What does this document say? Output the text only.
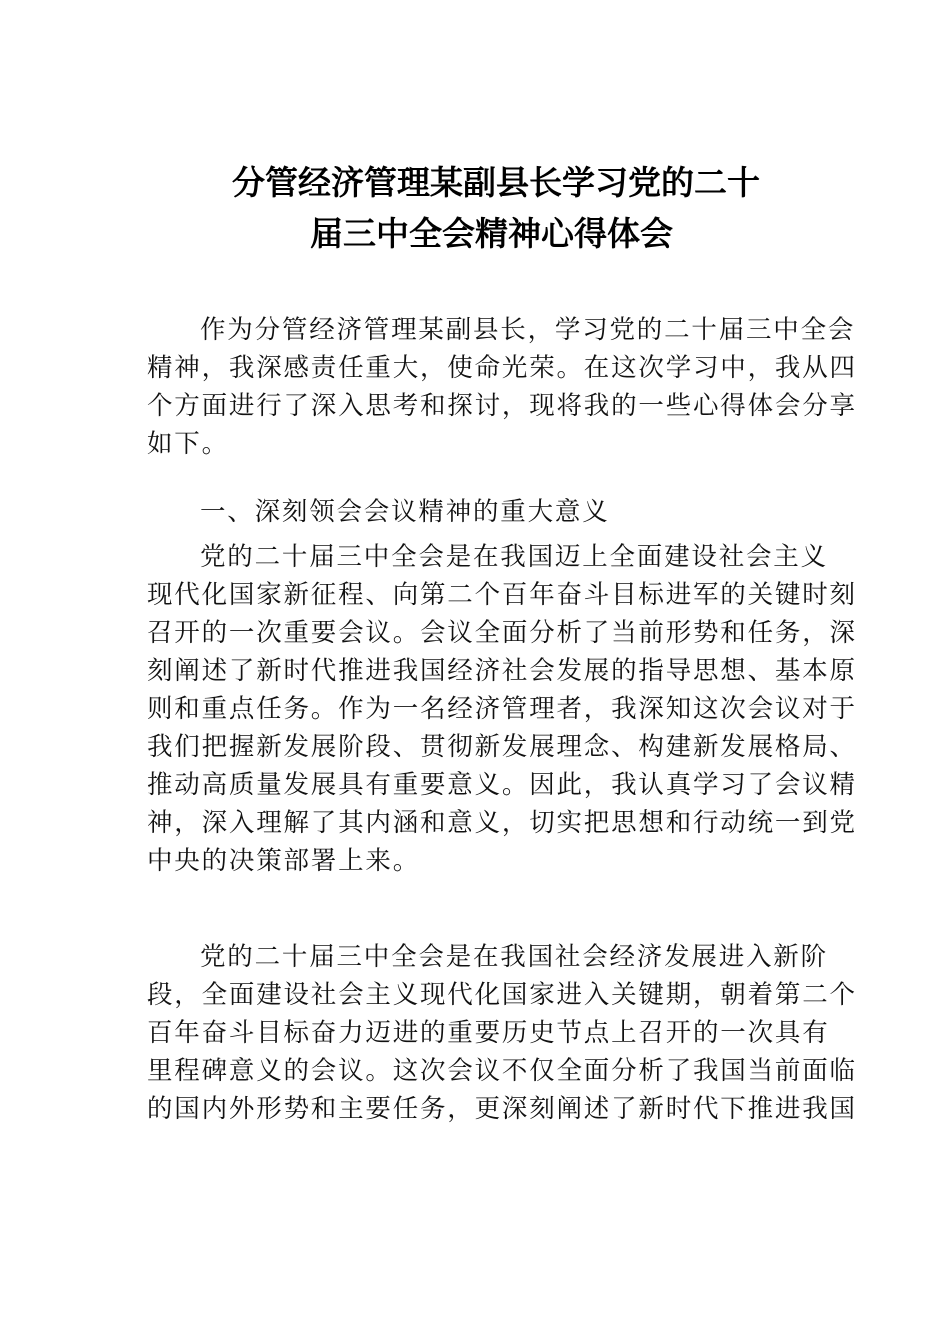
分管经济管理某副县长学习党的二十
届三中全会精神心得体会
作为分管经济管理某副县长，学习党的二十届三中全会
精神，我深感责任重大，使命光荣。在这次学习中，我从四
个方面进行了深入思考和探讨，现将我的一些心得体会分享
如下。
一、深刻领会会议精神的重大意义
党的二十届三中全会是在我国迈上全面建设社会主义
现代化国家新征程、向第二个百年奋斗目标进军的关键时刻
召开的一次重要会议。会议全面分析了当前形势和任务，深
刻阐述了新时代推进我国经济社会发展的指导思想、基本原
则和重点任务。作为一名经济管理者，我深知这次会议对于
我们把握新发展阶段、贯彻新发展理念、构建新发展格局、
推动高质量发展具有重要意义。因此，我认真学习了会议精
神，深入理解了其内涵和意义，切实把思想和行动统一到党
中央的决策部署上来。
党的二十届三中全会是在我国社会经济发展进入新阶
段，全面建设社会主义现代化国家进入关键期，朝着第二个
百年奋斗目标奋力迈进的重要历史节点上召开的一次具有
里程碑意义的会议。这次会议不仅全面分析了我国当前面临
的国内外形势和主要任务，更深刻阐述了新时代下推进我国
